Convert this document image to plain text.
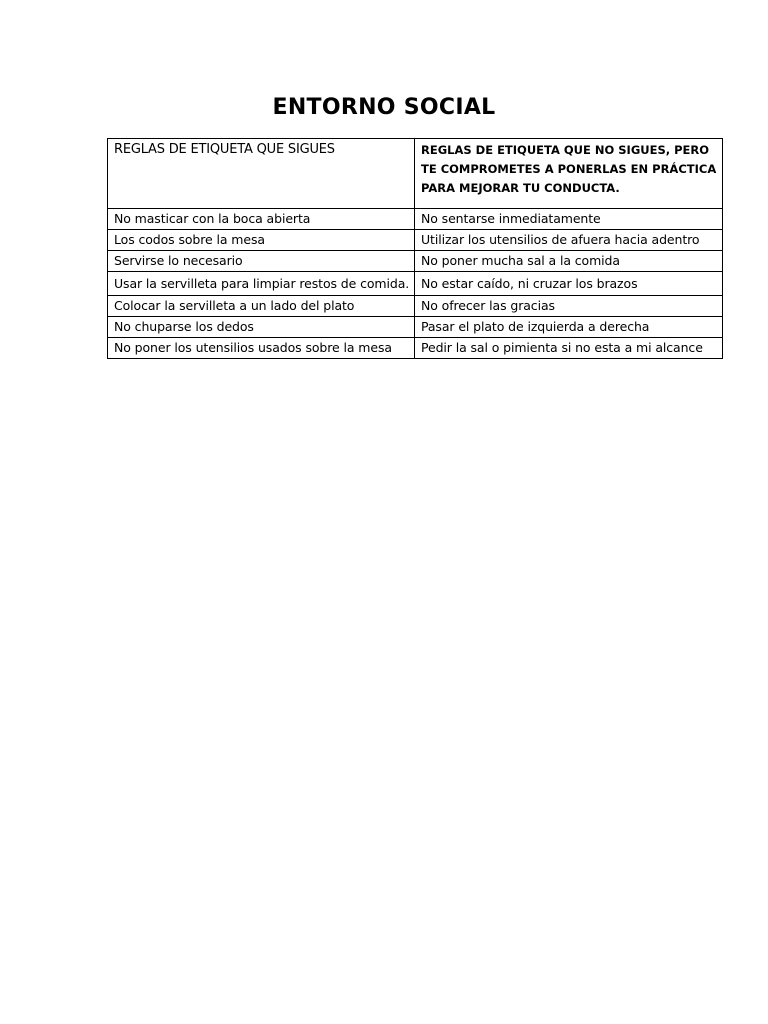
ENTORNO SOCIAL
REGLAS DE ETIQUETA QUE SIGUES	REGLAS DE ETIQUETA QUE NO SIGUES, PERO TE COMPROMETES A PONERLAS EN PRÁCTICA PARA MEJORAR TU CONDUCTA.
No masticar con la boca abierta	No sentarse inmediatamente
Los codos sobre la mesa	Utilizar los utensilios de afuera hacia adentro
Servirse lo necesario	No poner mucha sal a la comida
Usar la servilleta para limpiar restos de comida.	No estar caído, ni cruzar los brazos
Colocar la servilleta a un lado del plato	No ofrecer las gracias
No chuparse los dedos	Pasar el plato de izquierda a derecha
No poner los utensilios usados sobre la mesa	Pedir la sal o pimienta si no esta a mi alcance
